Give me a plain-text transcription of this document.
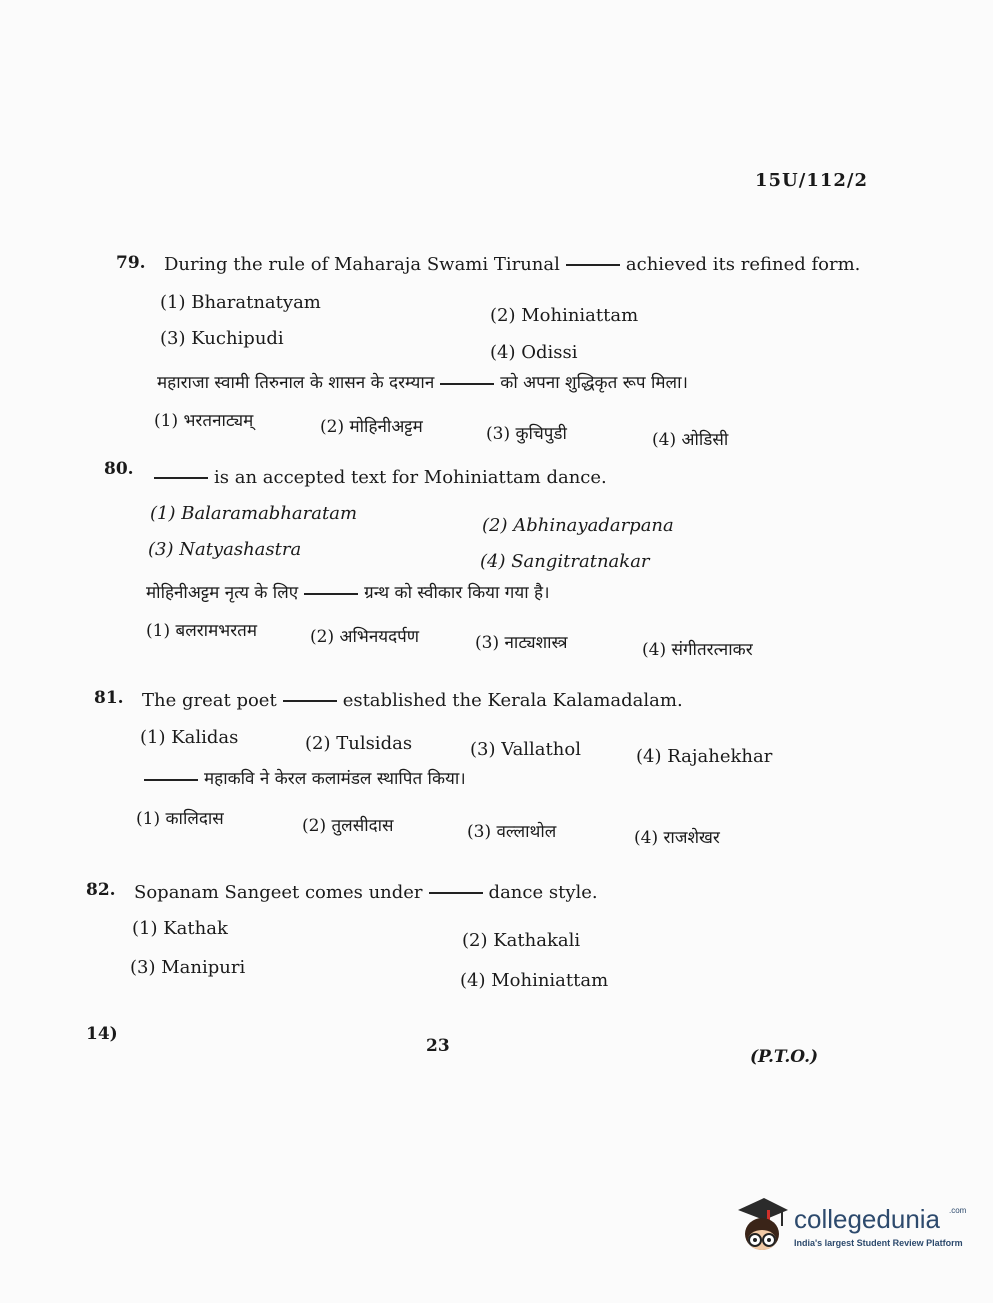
15U/112/2
79. During the rule of Maharaja Swami Tirunal	achieved its refined form.
(1) Bharatnatyam
(2) Mohiniattam
(3) Kuchipudi
(4) Odissi
महाराजा स्वामी तिरुनाल के शासन के दरम्यान	को अपना शुद्धिकृत रूप मिला।
(1) भरतनाट्यम्	(2) मोहिनीअट्टम	(3) कुचिपुडी	(4) ओडिसी
80.	is an accepted text for Mohiniattam dance.
(1) Balaramabharatam
(2) Abhinayadarpana
(3) Natyashastra
(4) Sangitratnakar
मोहिनीअट्टम नृत्य के लिए	ग्रन्थ को स्वीकार किया गया है।
(1) बलरामभरतम	(2) अभिनयदर्पण	(3) नाट्यशास्त्र	(4) संगीतरत्नाकर
81. The great poet	established the Kerala Kalamadalam.
(1) Kalidas	(2) Tulsidas	(3) Vallathol	(4) Rajahekhar
महाकवि ने केरल कलामंडल स्थापित किया।
(1) कालिदास	(2) तुलसीदास	(3) वल्लाथोल	(4) राजशेखर
82. Sopanam Sangeet comes under	dance style.
(1) Kathak
(2) Kathakali
(3) Manipuri
(4) Mohiniattam
14)
23
(P.T.O.)
collegedunia .com
India's largest Student Review Platform
